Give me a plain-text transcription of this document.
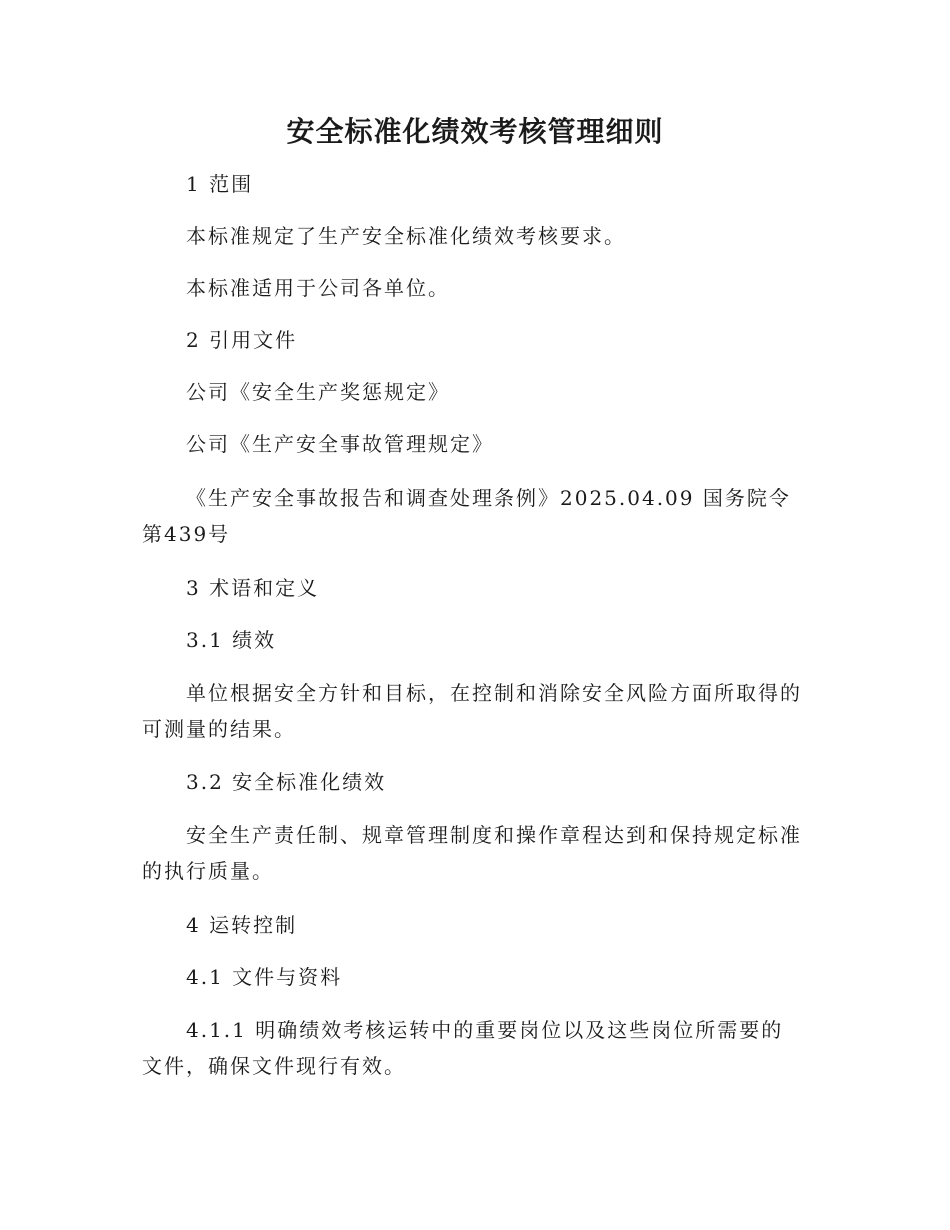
安全标准化绩效考核管理细则
1 范围
本标准规定了生产安全标准化绩效考核要求。
本标准适用于公司各单位。
2 引用文件
公司《安全生产奖惩规定》
公司《生产安全事故管理规定》
《生产安全事故报告和调查处理条例》2025.04.09 国务院令第439号
3 术语和定义
3.1 绩效
单位根据安全方针和目标，在控制和消除安全风险方面所取得的可测量的结果。
3.2 安全标准化绩效
安全生产责任制、规章管理制度和操作章程达到和保持规定标准的执行质量。
4 运转控制
4.1 文件与资料
4.1.1 明确绩效考核运转中的重要岗位以及这些岗位所需要的文件，确保文件现行有效。
